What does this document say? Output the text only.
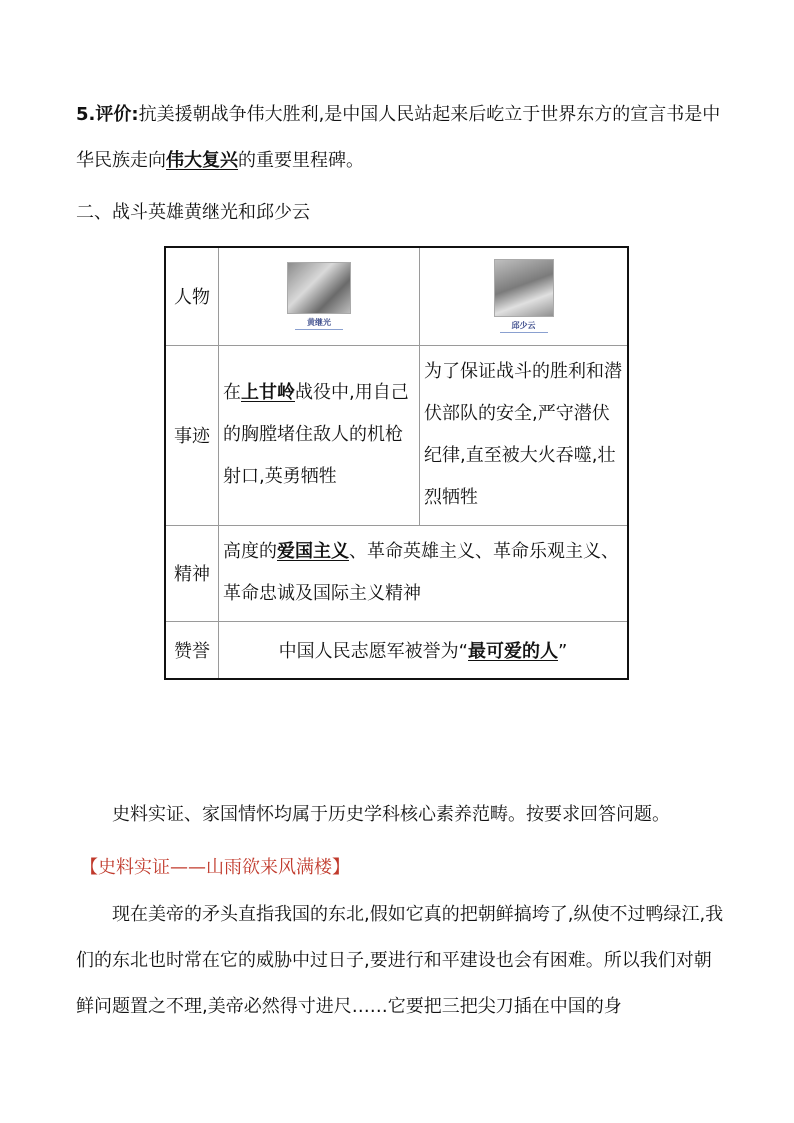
5.评价:抗美援朝战争伟大胜利,是中国人民站起来后屹立于世界东方的宣言书是中华民族走向伟大复兴的重要里程碑。

二、战斗英雄黄继光和邱少云

人物	黄继光	邱少云

事迹	在上甘岭战役中,用自己的胸膛堵住敌人的机枪射口,英勇牺牲	为了保证战斗的胜利和潜伏部队的安全,严守潜伏纪律,直至被大火吞噬,壮烈牺牲

精神	高度的爱国主义、革命英雄主义、革命乐观主义、革命忠诚及国际主义精神	

赞誉	中国人民志愿军被誉为“最可爱的人”	

史料实证、家国情怀均属于历史学科核心素养范畴。按要求回答问题。

【史料实证——山雨欲来风满楼】

现在美帝的矛头直指我国的东北,假如它真的把朝鲜搞垮了,纵使不过鸭绿江,我们的东北也时常在它的威胁中过日子,要进行和平建设也会有困难。所以我们对朝鲜问题置之不理,美帝必然得寸进尺……它要把三把尖刀插在中国的身
